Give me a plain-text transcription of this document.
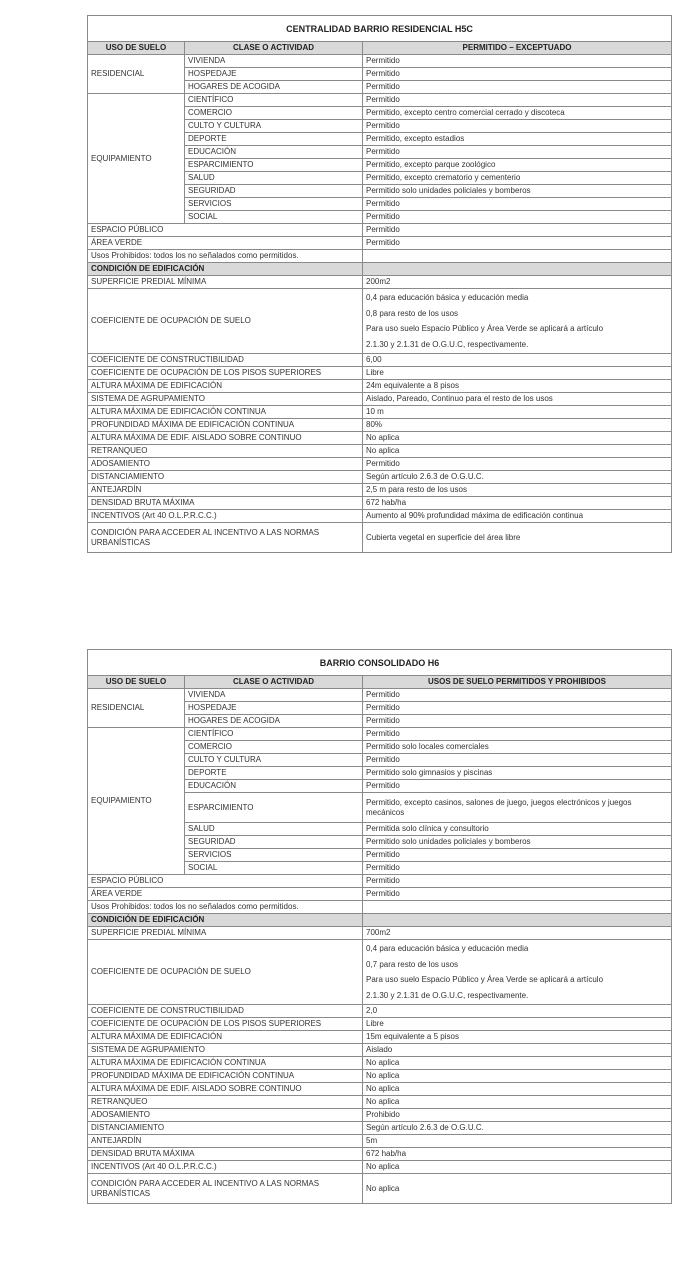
CENTRALIDAD BARRIO RESIDENCIAL H5C		
USO DE SUELO	CLASE O ACTIVIDAD	PERMITIDO – EXCEPTUADO
RESIDENCIAL	VIVIENDA	Permitido
	HOSPEDAJE	Permitido
	HOGARES DE ACOGIDA	Permitido
EQUIPAMIENTO	CIENTÍFICO	Permitido
	COMERCIO	Permitido, excepto centro comercial cerrado y discoteca
	CULTO Y CULTURA	Permitido
	DEPORTE	Permitido, excepto estadios
	EDUCACIÓN	Permitido
	ESPARCIMIENTO	Permitido, excepto parque zoológico
	SALUD	Permitido, excepto crematorio y cementerio
	SEGURIDAD	Permitido solo unidades policiales y bomberos
	SERVICIOS	Permitido
	SOCIAL	Permitido
ESPACIO PÚBLICO		Permitido
ÁREA VERDE		Permitido
Usos Prohibidos: todos los no señalados como permitidos.		
CONDICIÓN DE EDIFICACIÓN		
SUPERFICIE PREDIAL MÍNIMA		200m2
COEFICIENTE DE OCUPACIÓN DE SUELO		0,4 para educación básica y educación media
0,8 para resto de los usos
Para uso suelo Espacio Público y Área Verde se aplicará a artículo
2.1.30 y 2.1.31 de O.G.U.C, respectivamente.

COEFICIENTE DE CONSTRUCTIBILIDAD		6,00
COEFICIENTE DE OCUPACIÓN DE LOS PISOS SUPERIORES		Libre
ALTURA MÁXIMA DE EDIFICACIÓN		24m equivalente a 8 pisos
SISTEMA DE AGRUPAMIENTO		Aislado, Pareado, Continuo para el resto de los usos
ALTURA MÁXIMA DE EDIFICACIÓN CONTINUA		10 m
PROFUNDIDAD MÁXIMA DE EDIFICACIÓN CONTINUA		80%
ALTURA MÁXIMA DE EDIF. AISLADO SOBRE CONTINUO		No aplica
RETRANQUEO		No aplica
ADOSAMIENTO		Permitido
DISTANCIAMIENTO		Según artículo 2.6.3 de O.G.U.C.
ANTEJARDÍN		2,5 m para resto de los usos
DENSIDAD BRUTA MÁXIMA		672 hab/ha
INCENTIVOS (Art 40 O.L.P.R.C.C.)		Aumento al 90% profundidad máxima de edificación continua
CONDICIÓN PARA ACCEDER AL INCENTIVO A LAS NORMAS URBANÍSTICAS		Cubierta vegetal en superficie del área libre
BARRIO CONSOLIDADO H6		
USO DE SUELO	CLASE O ACTIVIDAD	USOS DE SUELO PERMITIDOS Y PROHIBIDOS
RESIDENCIAL	VIVIENDA	Permitido
	HOSPEDAJE	Permitido
	HOGARES DE ACOGIDA	Permitido
EQUIPAMIENTO	CIENTÍFICO	Permitido
	COMERCIO	Permitido solo locales comerciales
	CULTO Y CULTURA	Permitido
	DEPORTE	Permitido solo gimnasios y piscinas
	EDUCACIÓN	Permitido
	ESPARCIMIENTO	Permitido, excepto casinos, salones de juego, juegos electrónicos y juegos mecánicos
	SALUD	Permitida solo clínica y consultorio
	SEGURIDAD	Permitido solo unidades policiales y bomberos
	SERVICIOS	Permitido
	SOCIAL	Permitido
ESPACIO PÚBLICO		Permitido
ÁREA VERDE		Permitido
Usos Prohibidos: todos los no señalados como permitidos.		
CONDICIÓN DE EDIFICACIÓN		
SUPERFICIE PREDIAL MÍNIMA		700m2
COEFICIENTE DE OCUPACIÓN DE SUELO		0,4 para educación básica y educación media
0,7 para resto de los usos
Para uso suelo Espacio Público y Área Verde se aplicará a artículo
2.1.30 y 2.1.31 de O.G.U.C, respectivamente.

COEFICIENTE DE CONSTRUCTIBILIDAD		2,0
COEFICIENTE DE OCUPACIÓN DE LOS PISOS SUPERIORES		Libre
ALTURA MÁXIMA DE EDIFICACIÓN		15m equivalente a 5 pisos
SISTEMA DE AGRUPAMIENTO		Aislado
ALTURA MÁXIMA DE EDIFICACIÓN CONTINUA		No aplica
PROFUNDIDAD MÁXIMA DE EDIFICACIÓN CONTINUA		No aplica
ALTURA MÁXIMA DE EDIF. AISLADO SOBRE CONTINUO		No aplica
RETRANQUEO		No aplica
ADOSAMIENTO		Prohibido
DISTANCIAMIENTO		Según artículo 2.6.3 de O.G.U.C.
ANTEJARDÍN		5m
DENSIDAD BRUTA MÁXIMA		672 hab/ha
INCENTIVOS (Art 40 O.L.P.R.C.C.)		No aplica
CONDICIÓN PARA ACCEDER AL INCENTIVO A LAS NORMAS URBANÍSTICAS		No aplica
